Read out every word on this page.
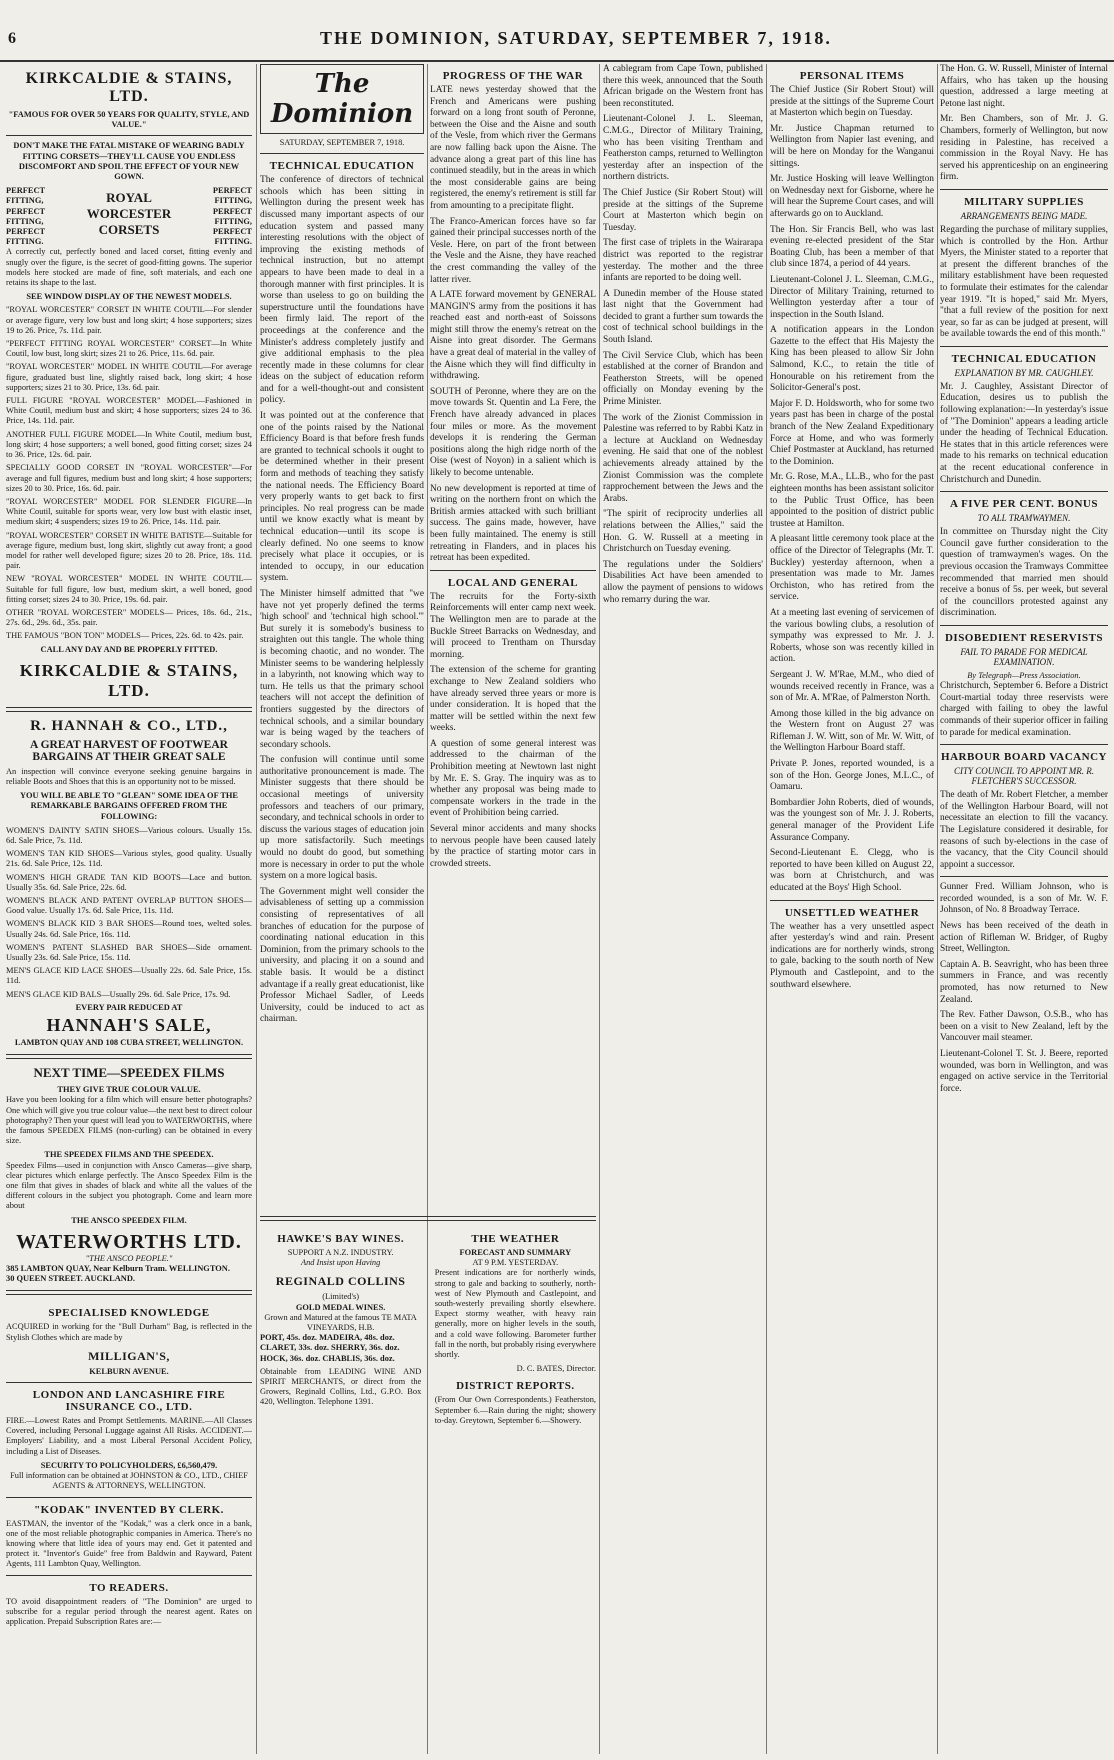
6	THE DOMINION, SATURDAY, SEPTEMBER 7, 1918.
KIRKCALDIE & STAINS, LTD.
"FAMOUS FOR OVER 50 YEARS FOR QUALITY, STYLE, AND VALUE."

DON'T MAKE THE FATAL MISTAKE OF WEARING BADLY FITTING CORSETS—THEY'LL CAUSE YOU ENDLESS DISCOMFORT AND SPOIL THE EFFECT OF YOUR NEW GOWN.

PERFECT FITTING, PERFECT FITTING, PERFECT FITTING.
ROYAL WORCESTER CORSETS
PERFECT FITTING, PERFECT FITTING, PERFECT FITTING.

A correctly cut, perfectly boned and laced corset, fitting evenly and snugly over the figure, is the secret of good-fitting gowns. The superior models here stocked are made of fine, soft materials, and each one retains its shape to the last.

SEE WINDOW DISPLAY OF THE NEWEST MODELS.

"ROYAL WORCESTER" CORSET IN WHITE COUTIL—For slender or average figure, very low bust and long skirt; 4 hose supporters; sizes 19 to 26. Price, 7s. 11d. pair.

"PERFECT FITTING ROYAL WORCESTER" CORSET—In White Coutil, low bust, long skirt; sizes 21 to 26. Price, 11s. 6d. pair.

"ROYAL WORCESTER" MODEL IN WHITE COUTIL—For average figure, graduated bust line, slightly raised back, long skirt; 4 hose supporters; sizes 21 to 30. Price, 13s. 6d. pair.

FULL FIGURE "ROYAL WORCESTER" MODEL—Fashioned in White Coutil, medium bust and skirt; 4 hose supporters; sizes 24 to 36. Price, 14s. 11d. pair.

ANOTHER FULL FIGURE MODEL—In White Coutil, medium bust, long skirt; 4 hose supporters; a well boned, good fitting corset; sizes 24 to 36. Price, 12s. 6d. pair.

SPECIALLY GOOD CORSET IN "ROYAL WORCESTER"—For average and full figures, medium bust and long skirt; 4 hose supporters; sizes 20 to 30. Price, 16s. 6d. pair.

"ROYAL WORCESTER" MODEL FOR SLENDER FIGURE—In White Coutil, suitable for sports wear, very low bust with elastic inset, medium skirt; 4 suspenders; sizes 19 to 26. Price, 14s. 11d. pair.

"ROYAL WORCESTER" CORSET IN WHITE BATISTE—Suitable for average figure, medium bust, long skirt, slightly cut away front; a good model for rather well developed figure; sizes 20 to 28. Price, 18s. 11d. pair.

NEW "ROYAL WORCESTER" MODEL IN WHITE COUTIL—Suitable for full figure, low bust, medium skirt, a well boned, good fitting corset; sizes 24 to 30. Price, 19s. 6d. pair.

OTHER "ROYAL WORCESTER" MODELS— Prices, 18s. 6d., 21s., 27s. 6d., 29s. 6d., 35s. pair.

THE FAMOUS "BON TON" MODELS— Prices, 22s. 6d. to 42s. pair.

CALL ANY DAY AND BE PROPERLY FITTED.
KIRKCALDIE & STAINS, LTD.
R. HANNAH & CO., LTD.,
A GREAT HARVEST OF FOOTWEAR BARGAINS AT THEIR GREAT SALE

An inspection will convince everyone seeking genuine bargains in reliable Boots and Shoes that this is an opportunity not to be missed.

YOU WILL BE ABLE TO "GLEAN" SOME IDEA OF THE REMARKABLE BARGAINS OFFERED FROM THE FOLLOWING:

WOMEN'S DAINTY SATIN SHOES—Various colours. Usually 15s. 6d. Sale Price, 7s. 11d.

WOMEN'S TAN KID SHOES—Various styles, good quality. Usually 21s. 6d. Sale Price, 12s. 11d.

WOMEN'S HIGH GRADE TAN KID BOOTS—Lace and button. Usually 35s. 6d. Sale Price, 22s. 6d.

WOMEN'S BLACK AND PATENT OVERLAP BUTTON SHOES—Good value. Usually 17s. 6d. Sale Price, 11s. 11d.

WOMEN'S BLACK KID 3 BAR SHOES—Round toes, welted soles. Usually 24s. 6d. Sale Price, 16s. 11d.

WOMEN'S PATENT SLASHED BAR SHOES—Side ornament. Usually 23s. 6d. Sale Price, 15s. 11d.

MEN'S GLACE KID LACE SHOES—Usually 22s. 6d. Sale Price, 15s. 11d.

MEN'S GLACE KID BALS—Usually 29s. 6d. Sale Price, 17s. 9d.

EVERY PAIR REDUCED AT
HANNAH'S SALE,
LAMBTON QUAY AND 108 CUBA STREET, WELLINGTON.
NEXT TIME—SPEEDEX FILMS
THEY GIVE TRUE COLOUR VALUE.

Have you been looking for a film which will ensure better photographs? One which will give you true colour value—the next best to direct colour photography? Then your quest will lead you to WATERWORTHS, where the famous SPEEDEX FILMS (non-curling) can be obtained in every size.

THE SPEEDEX FILMS AND THE SPEEDEX.

Speedex Films—used in conjunction with Ansco Cameras—give sharp, clear pictures which enlarge perfectly. The Ansco Speedex Film is the one film that gives in shades of black and white all the values of the different colours in the subject you photograph. Come and learn more about

THE ANSCO SPEEDEX FILM.
WATERWORTHS LTD.
"THE ANSCO PEOPLE."
385 LAMBTON QUAY, Near Kelburn Tram. WELLINGTON.
30 QUEEN STREET. AUCKLAND.
SPECIALISED KNOWLEDGE

ACQUIRED in working for the "Bull Durham" Bag, is reflected in the Stylish Clothes which are made by

MILLIGAN'S,
KELBURN AVENUE.
LONDON AND LANCASHIRE FIRE INSURANCE CO., LTD.

FIRE.—Lowest Rates and Prompt Settlements. MARINE.—All Classes Covered, including Personal Luggage against All Risks. ACCIDENT.—Employers' Liability, and a most Liberal Personal Accident Policy, including a List of Diseases.

SECURITY TO POLICYHOLDERS, £6,560,479.

Full information can be obtained at JOHNSTON & CO., LTD., CHIEF AGENTS & ATTORNEYS, WELLINGTON.

"KODAK" INVENTED BY CLERK.

EASTMAN, the inventor of the "Kodak," was a clerk once in a bank, one of the most reliable photographic companies in America. There's no knowing where that little idea of yours may end. Get it patented and protect it. "Inventor's Guide" free from Baldwin and Rayward, Patent Agents, 111 Lambton Quay, Wellington.

TO READERS.

TO avoid disappointment readers of "The Dominion" are urged to subscribe for a regular period through the nearest agent. Rates on application. Prepaid Subscription Rates are:—

The Dominion
SATURDAY, SEPTEMBER 7, 1918.
TECHNICAL EDUCATION

The conference of directors of technical schools which has been sitting in Wellington during the present week has discussed many important aspects of our education system and passed many interesting resolutions with the object of improving the existing methods of technical instruction, but no attempt appears to have been made to deal in a thorough manner with first principles. It is worse than useless to go on building the superstructure until the foundations have been firmly laid. The report of the proceedings at the conference and the Minister's address completely justify and give additional emphasis to the plea recently made in these columns for clear ideas on the subject of education reform and for a well-thought-out and consistent policy.

It was pointed out at the conference that one of the points raised by the National Efficiency Board is that before fresh funds are granted to technical schools it ought to be determined whether in their present form and methods of teaching they satisfy the national needs. The Efficiency Board very properly wants to get back to first principles. No real progress can be made until we know exactly what is meant by technical education—until its scope is clearly defined. No one seems to know precisely what place it occupies, or is intended to occupy, in our education system.

The Minister himself admitted that "we have not yet properly defined the terms 'high school' and 'technical high school.'" But surely it is somebody's business to straighten out this tangle. The whole thing is becoming chaotic, and no wonder. The Minister seems to be wandering helplessly in a labyrinth, not knowing which way to turn. He tells us that the primary school teachers will not accept the definition of frontiers suggested by the directors of technical schools, and a similar boundary war is being waged by the teachers of secondary schools.

The confusion will continue until some authoritative pronouncement is made. The Minister suggests that there should be occasional meetings of university professors and teachers of our primary, secondary, and technical schools in order to discuss the various stages of education join up more satisfactorily. Such meetings would no doubt do good, but something more is necessary in order to put the whole system on a more logical basis.

The Government might well consider the advisableness of setting up a commission consisting of representatives of all branches of education for the purpose of coordinating national education in this Dominion, from the primary schools to the university, and placing it on a sound and stable basis. It would be a distinct advantage if a really great educationist, like Professor Michael Sadler, of Leeds University, could be induced to act as chairman.

PROGRESS OF THE WAR

LATE news yesterday showed that the French and Americans were pushing forward on a long front south of Peronne, between the Oise and the Aisne and south of the Vesle, from which river the Germans are now falling back upon the Aisne. The advance along a great part of this line has continued steadily, but in the areas in which the most considerable gains are being registered, the enemy's retirement is still far from amounting to a precipitate flight.

The Franco-American forces have so far gained their principal successes north of the Vesle. Here, on part of the front between the Vesle and the Aisne, they have reached the crest commanding the valley of the latter river.

A LATE forward movement by GENERAL MANGIN'S army from the positions it has reached east and north-east of Soissons might still throw the enemy's retreat on the Aisne into great disorder. The Germans have a great deal of material in the valley of the Aisne which they will find difficulty in withdrawing.

SOUTH of Peronne, where they are on the move towards St. Quentin and La Fere, the French have already advanced in places four miles or more. As the movement develops it is rendering the German positions along the high ridge north of the Oise (west of Noyon) in a salient which is likely to become untenable.

No new development is reported at time of writing on the northern front on which the British armies attacked with such brilliant success. The gains made, however, have been fully maintained. The enemy is still retreating in Flanders, and in places his retreat has been expedited.

LOCAL AND GENERAL

The recruits for the Forty-sixth Reinforcements will enter camp next week. The Wellington men are to parade at the Buckle Street Barracks on Wednesday, and will proceed to Trentham on Thursday morning.

The extension of the scheme for granting exchange to New Zealand soldiers who have already served three years or more is under consideration. It is hoped that the matter will be settled within the next few weeks.

A question of some general interest was addressed to the chairman of the Prohibition meeting at Newtown last night by Mr. E. S. Gray. The inquiry was as to whether any proposal was being made to compensate workers in the trade in the event of Prohibition being carried.

Several minor accidents and many shocks to nervous people have been caused lately by the practice of starting motor cars in crowded streets.

HAWKE'S BAY WINES.
SUPPORT A N.Z. INDUSTRY.
And Insist upon Having
REGINALD COLLINS
(Limited's)
GOLD MEDAL WINES.
Grown and Matured at the famous TE MATA VINEYARDS, H.B.
PORT, 45s. doz. MADEIRA, 48s. doz.
CLARET, 33s. doz. SHERRY, 36s. doz.
HOCK, 36s. doz. CHABLIS, 36s. doz.

Obtainable from LEADING WINE AND SPIRIT MERCHANTS, or direct from the Growers, Reginald Collins, Ltd., G.P.O. Box 420, Wellington. Telephone 1391.

THE WEATHER
FORECAST AND SUMMARY
AT 9 P.M. YESTERDAY.

Present indications are for northerly winds, strong to gale and backing to southerly, north-west of New Plymouth and Castlepoint, and south-westerly prevailing shortly elsewhere. Expect stormy weather, with heavy rain generally, more on higher levels in the south, and a cold wave following. Barometer further fall in the north, but probably rising everywhere shortly.

D. C. BATES, Director.
DISTRICT REPORTS.

(From Our Own Correspondents.) Featherston, September 6.—Rain during the night; showery to-day. Greytown, September 6.—Showery.

A cablegram from Cape Town, published there this week, announced that the South African brigade on the Western front has been reconstituted.

Lieutenant-Colonel J. L. Sleeman, C.M.G., Director of Military Training, who has been visiting Trentham and Featherston camps, returned to Wellington yesterday after an inspection of the northern districts.

The Chief Justice (Sir Robert Stout) will preside at the sittings of the Supreme Court at Masterton which begin on Tuesday.

The first case of triplets in the Wairarapa district was reported to the registrar yesterday. The mother and the three infants are reported to be doing well.

A Dunedin member of the House stated last night that the Government had decided to grant a further sum towards the cost of technical school buildings in the South Island.

The Civil Service Club, which has been established at the corner of Brandon and Featherston Streets, will be opened officially on Monday evening by the Prime Minister.

The work of the Zionist Commission in Palestine was referred to by Rabbi Katz in a lecture at Auckland on Wednesday evening. He said that one of the noblest achievements already attained by the Zionist Commission was the complete rapprochement between the Jews and the Arabs.

"The spirit of reciprocity underlies all relations between the Allies," said the Hon. G. W. Russell at a meeting in Christchurch on Tuesday evening.

The regulations under the Soldiers' Disabilities Act have been amended to allow the payment of pensions to widows who remarry during the war.

PERSONAL ITEMS

The Chief Justice (Sir Robert Stout) will preside at the sittings of the Supreme Court at Masterton which begin on Tuesday.

Mr. Justice Chapman returned to Wellington from Napier last evening, and will be here on Monday for the Wanganui sittings.

Mr. Justice Hosking will leave Wellington on Wednesday next for Gisborne, where he will hear the Supreme Court cases, and will afterwards go on to Auckland.

The Hon. Sir Francis Bell, who was last evening re-elected president of the Star Boating Club, has been a member of that club since 1874, a period of 44 years.

Lieutenant-Colonel J. L. Sleeman, C.M.G., Director of Military Training, returned to Wellington yesterday after a tour of inspection in the South Island.

A notification appears in the London Gazette to the effect that His Majesty the King has been pleased to allow Sir John Salmond, K.C., to retain the title of Honourable on his retirement from the Solicitor-General's post.

Major F. D. Holdsworth, who for some two years past has been in charge of the postal branch of the New Zealand Expeditionary Force at Home, and who was formerly Chief Postmaster at Auckland, has returned to the Dominion.

Mr. G. Rose, M.A., LL.B., who for the past eighteen months has been assistant solicitor to the Public Trust Office, has been appointed to the position of district public trustee at Hamilton.

A pleasant little ceremony took place at the office of the Director of Telegraphs (Mr. T. Buckley) yesterday afternoon, when a presentation was made to Mr. James Orchiston, who has retired from the service.

At a meeting last evening of servicemen of the various bowling clubs, a resolution of sympathy was expressed to Mr. J. J. Roberts, whose son was recently killed in action.

Sergeant J. W. M'Rae, M.M., who died of wounds received recently in France, was a son of Mr. A. M'Rae, of Palmerston North.

Among those killed in the big advance on the Western front on August 27 was Rifleman J. W. Witt, son of Mr. W. Witt, of the Wellington Harbour Board staff.

Private P. Jones, reported wounded, is a son of the Hon. George Jones, M.L.C., of Oamaru.

Bombardier John Roberts, died of wounds, was the youngest son of Mr. J. J. Roberts, general manager of the Provident Life Assurance Company.

Second-Lieutenant E. Clegg, who is reported to have been killed on August 22, was born at Christchurch, and was educated at the Boys' High School.

UNSETTLED WEATHER

The weather has a very unsettled aspect after yesterday's wind and rain. Present indications are for northerly winds, strong to gale, backing to the south north of New Plymouth and Castlepoint, and to the southward elsewhere.

The Hon. G. W. Russell, Minister of Internal Affairs, who has taken up the housing question, addressed a large meeting at Petone last night.

Mr. Ben Chambers, son of Mr. J. G. Chambers, formerly of Wellington, but now residing in Palestine, has received a commission in the Royal Navy. He has served his apprenticeship on an engineering firm.

MILITARY SUPPLIES
ARRANGEMENTS BEING MADE.

Regarding the purchase of military supplies, which is controlled by the Hon. Arthur Myers, the Minister stated to a reporter that at present the different branches of the military establishment have been requested to formulate their estimates for the calendar year 1919. "It is hoped," said Mr. Myers, "that a full review of the position for next year, so far as can be judged at present, will be available towards the end of this month."

TECHNICAL EDUCATION
EXPLANATION BY MR. CAUGHLEY.

Mr. J. Caughley, Assistant Director of Education, desires us to publish the following explanation:—In yesterday's issue of "The Dominion" appears a leading article under the heading of Technical Education. He states that in this article references were made to his remarks on technical education at the recent educational conference in Christchurch and Dunedin.

A FIVE PER CENT. BONUS
TO ALL TRAMWAYMEN.

In committee on Thursday night the City Council gave further consideration to the question of tramwaymen's wages. On the previous occasion the Tramways Committee recommended that married men should receive a bonus of 5s. per week, but several of the councillors protested against any discrimination.

DISOBEDIENT RESERVISTS
FAIL TO PARADE FOR MEDICAL EXAMINATION.
By Telegraph—Press Association.

Christchurch, September 6. Before a District Court-martial today three reservists were charged with failing to obey the lawful commands of their superior officer in failing to parade for medical examination.

HARBOUR BOARD VACANCY
CITY COUNCIL TO APPOINT MR. R. FLETCHER'S SUCCESSOR.

The death of Mr. Robert Fletcher, a member of the Wellington Harbour Board, will not necessitate an election to fill the vacancy. The Legislature considered it desirable, for reasons of such by-elections in the case of the vacancy, that the City Council should appoint a successor.

Gunner Fred. William Johnson, who is recorded wounded, is a son of Mr. W. F. Johnson, of No. 8 Broadway Terrace.

News has been received of the death in action of Rifleman W. Bridger, of Rugby Street, Wellington.

Captain A. B. Seavright, who has been three summers in France, and was recently promoted, has now returned to New Zealand.

The Rev. Father Dawson, O.S.B., who has been on a visit to New Zealand, left by the Vancouver mail steamer.

Lieutenant-Colonel T. St. J. Beere, reported wounded, was born in Wellington, and was engaged on active service in the Territorial force.
